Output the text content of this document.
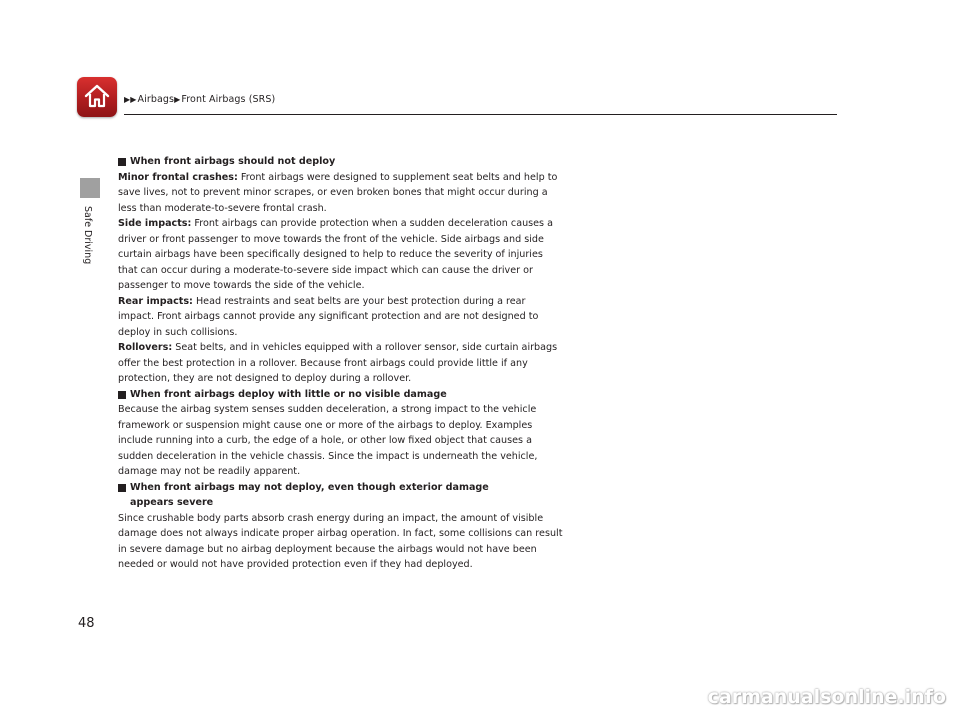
▶▶Airbags▶Front Airbags (SRS)
Safe Driving

When front airbags should not deploy

Minor frontal crashes: Front airbags were designed to supplement seat belts and help to save lives, not to prevent minor scrapes, or even broken bones that might occur during a less than moderate-to-severe frontal crash.

Side impacts: Front airbags can provide protection when a sudden deceleration causes a driver or front passenger to move towards the front of the vehicle. Side airbags and side curtain airbags have been specifically designed to help to reduce the severity of injuries that can occur during a moderate-to-severe side impact which can cause the driver or passenger to move towards the side of the vehicle.

Rear impacts: Head restraints and seat belts are your best protection during a rear impact. Front airbags cannot provide any significant protection and are not designed to deploy in such collisions.

Rollovers: Seat belts, and in vehicles equipped with a rollover sensor, side curtain airbags offer the best protection in a rollover. Because front airbags could provide little if any protection, they are not designed to deploy during a rollover.

When front airbags deploy with little or no visible damage

Because the airbag system senses sudden deceleration, a strong impact to the vehicle framework or suspension might cause one or more of the airbags to deploy. Examples include running into a curb, the edge of a hole, or other low fixed object that causes a sudden deceleration in the vehicle chassis. Since the impact is underneath the vehicle, damage may not be readily apparent.

When front airbags may not deploy, even though exterior damage
appears severe

Since crushable body parts absorb crash energy during an impact, the amount of visible damage does not always indicate proper airbag operation. In fact, some collisions can result in severe damage but no airbag deployment because the airbags would not have been needed or would not have provided protection even if they had deployed.

48
carmanualsonline.info
